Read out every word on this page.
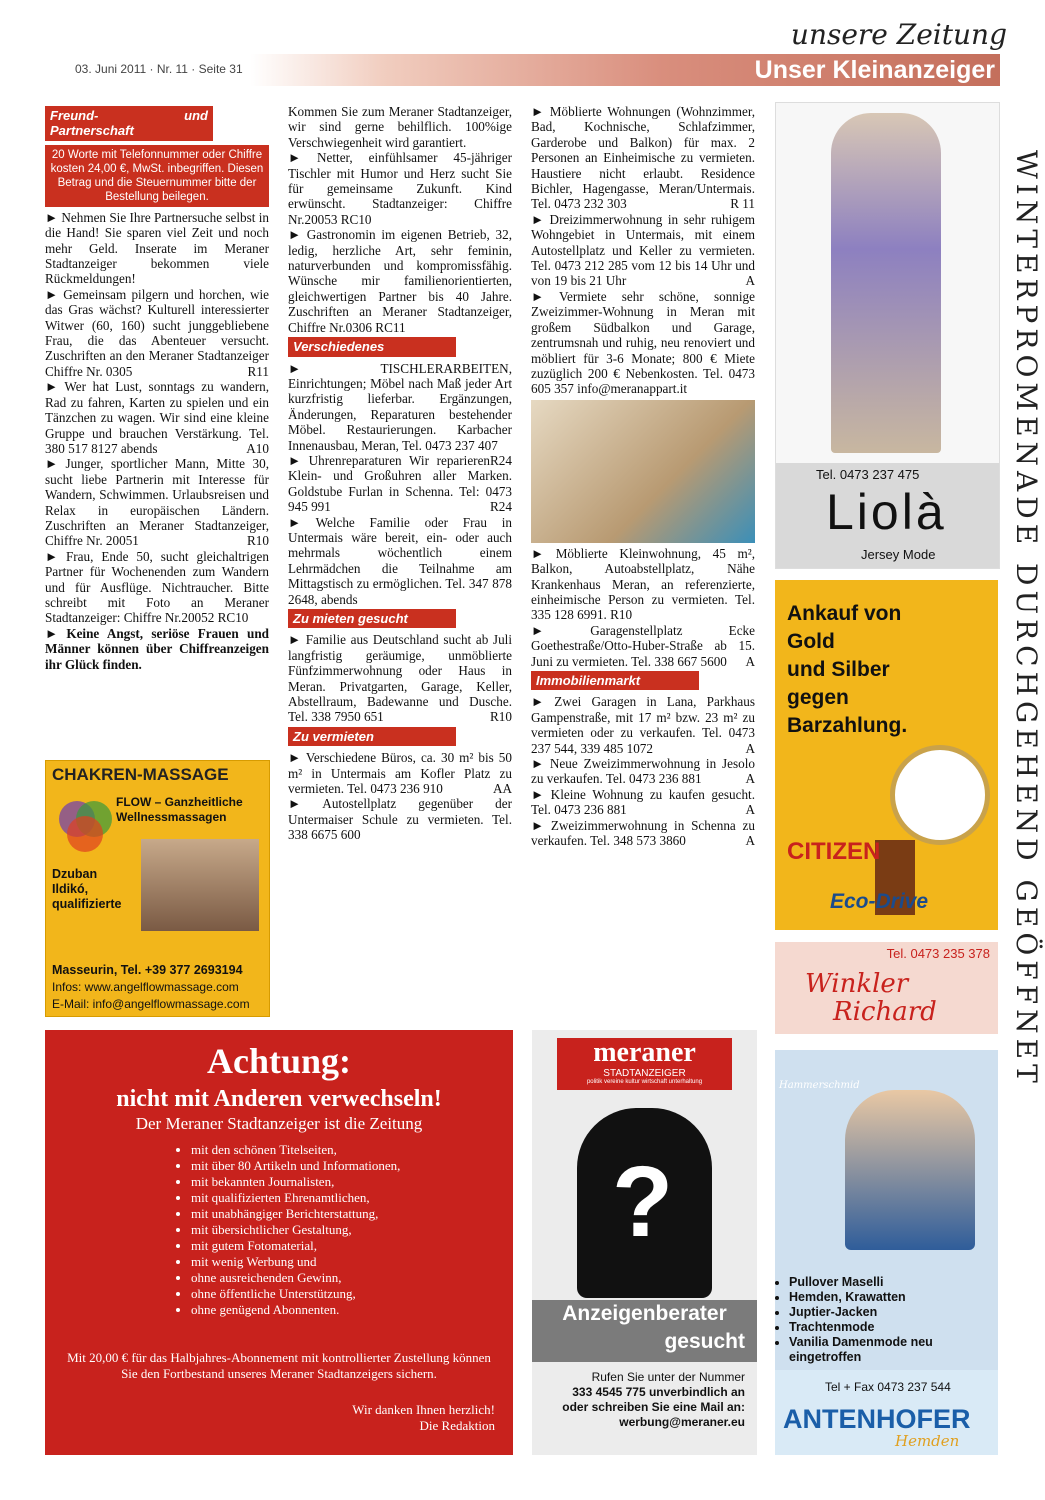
03. Juni 2011 · Nr. 11 · Seite 31	Unser Kleinanzeiger
unsere Zeitung
Freund- und Partnerschaft
20 Worte mit Telefonnummer oder Chiffre kosten 24,00 €, MwSt. inbegriffen. Diesen Betrag und die Steuernummer bitte der Bestellung beilegen.

► Nehmen Sie Ihre Partnersuche selbst in die Hand! Sie sparen viel Zeit und noch mehr Geld. Inserate im Meraner Stadtanzeiger bekommen viele Rückmeldungen!

► Gemeinsam pilgern und horchen, wie das Gras wächst? Kulturell interessierter Witwer (60, 160) sucht junggebliebene Frau, die das Abenteuer versucht. Zuschriften an den Meraner Stadtanzeiger Chiffre Nr. 0305	R11

► Wer hat Lust, sonntags zu wandern, Rad zu fahren, Karten zu spielen und ein Tänzchen zu wagen. Wir sind eine kleine Gruppe und brauchen Verstärkung. Tel. 380 517 8127 abends	A10

► Junger, sportlicher Mann, Mitte 30, sucht liebe Partnerin mit Interesse für Wandern, Schwimmen. Urlaubsreisen und Relax in europäischen Ländern. Zuschriften an Meraner Stadtanzeiger, Chiffre Nr. 20051	R10

► Frau, Ende 50, sucht gleichaltrigen Partner für Wochenenden zum Wandern und für Ausflüge. Nichtraucher. Bitte schreibt mit Foto an Meraner Stadtanzeiger: Chiffre Nr.20052 RC10

► Keine Angst, seriöse Frauen und Männer können über Chiffreanzeigen ihr Glück finden.

CHAKREN-MASSAGE
FLOW – Ganzheitliche Wellnessmassagen
Dzuban Ildikó, qualifizierte
Masseurin, Tel. +39 377 2693194
Infos: www.angelflowmassage.com
E-Mail: info@angelflowmassage.com

Kommen Sie zum Meraner Stadtanzeiger, wir sind gerne behilflich. 100%ige Verschwiegenheit wird garantiert.

► Netter, einfühlsamer 45-jähriger Tischler mit Humor und Herz sucht Sie für gemeinsame Zukunft. Kind erwünscht. Stadtanzeiger: Chiffre Nr.20053 RC10

► Gastronomin im eigenen Betrieb, 32, ledig, herzliche Art, sehr feminin, naturverbunden und kompromissfähig. Wünsche mir familienorientierten, gleichwertigen Partner bis 40 Jahre. Zuschriften an Meraner Stadtanzeiger, Chiffre Nr.0306 RC11

Verschiedenes

► TISCHLERARBEITEN, Einrichtungen; Möbel nach Maß jeder Art kurzfristig lieferbar. Ergänzungen, Änderungen, Reparaturen bestehender Möbel. Restaurierungen. Karbacher Innenausbau, Meran, Tel. 0473 237 407
R24

► Uhrenreparaturen Wir reparieren Klein- und Großuhren aller Marken. Goldstube Furlan in Schenna. Tel: 0473 945 991	R24

► Welche Familie oder Frau in Untermais wäre bereit, ein- oder auch mehrmals wöchentlich einem Lehrmädchen die Teilnahme am Mittagstisch zu ermöglichen. Tel. 347 878 2648, abends

Zu mieten gesucht

► Familie aus Deutschland sucht ab Juli langfristig geräumige, unmöblierte Fünfzimmerwohnung oder Haus in Meran. Privatgarten, Garage, Keller, Abstellraum, Badewanne und Dusche. Tel. 338 7950 651	R10

Zu vermieten

► Verschiedene Büros, ca. 30 m² bis 50 m² in Untermais am Kofler Platz zu vermieten. Tel. 0473 236 910	AA

► Autostellplatz gegenüber der Untermaiser Schule zu vermieten. Tel. 338 6675 600

► Möblierte Wohnungen (Wohnzimmer, Bad, Kochnische, Schlafzimmer, Garderobe und Balkon) für max. 2 Personen an Einheimische zu vermieten. Haustiere nicht erlaubt. Residence Bichler, Hagengasse, Meran/Untermais. Tel. 0473 232 303	R 11

► Dreizimmerwohnung in sehr ruhigem Wohngebiet in Untermais, mit einem Autostellplatz und Keller zu vermieten. Tel. 0473 212 285 vom 12 bis 14 Uhr und von 19 bis 21 Uhr	A

► Vermiete sehr schöne, sonnige Zweizimmer-Wohnung in Meran mit großem Südbalkon und Garage, zentrumsnah und ruhig, neu renoviert und möbliert für 3-6 Monate; 800 € Miete zuzüglich 200 € Nebenkosten. Tel. 0473 605 357 info@meranappart.it

► Möblierte Kleinwohnung, 45 m², Balkon, Autoabstellplatz, Nähe Krankenhaus Meran, an referenzierte, einheimische Person zu vermieten. Tel. 335 128 6991. R10

► Garagenstellplatz Ecke Goethestraße/Otto-Huber-Straße ab 15. Juni zu vermieten. Tel. 338 667 5600 A

Immobilienmarkt

► Zwei Garagen in Lana, Parkhaus Gampenstraße, mit 17 m² bzw. 23 m² zu vermieten oder zu verkaufen. Tel. 0473 237 544, 339 485 1072	A

► Neue Zweizimmerwohnung in Jesolo zu verkaufen. Tel. 0473 236 881	A

► Kleine Wohnung zu kaufen gesucht. Tel. 0473 236 881	A

► Zweizimmerwohnung in Schenna zu verkaufen. Tel. 348 573 3860	A

Achtung:
nicht mit Anderen verwechseln!
Der Meraner Stadtanzeiger ist die Zeitung
• mit den schönen Titelseiten,
• mit über 80 Artikeln und Informationen,
• mit bekannten Journalisten,
• mit qualifizierten Ehrenamtlichen,
• mit unabhängiger Berichterstattung,
• mit übersichtlicher Gestaltung,
• mit gutem Fotomaterial,
• mit wenig Werbung und
• ohne ausreichenden Gewinn,
• ohne öffentliche Unterstützung,
• ohne genügend Abonnenten.
Mit 20,00 € für das Halbjahres-Abonnement mit kontrollierter Zustellung können Sie den Fortbestand unseres Meraner Stadtanzeigers sichern.
Wir danken Ihnen herzlich!
Die Redaktion
meraner
STADTANZEIGER
politik vereine kultur wirtschaft unterhaltung
?
Anzeigenberater
gesucht
Rufen Sie unter der Nummer
333 4545 775 unverbindlich an
oder schreiben Sie eine Mail an:
werbung@meraner.eu
Tel. 0473 237 475
Liolà
Jersey Mode
Ankauf von
Gold
und Silber
gegen
Barzahlung.
CITIZEN
Eco-Drive
Tel. 0473 235 378
Winkler
Richard
Hammerschmid
• Pullover Maselli
• Hemden, Krawatten
• Juptier-Jacken
• Trachtenmode
• Vanilia Damenmode neu eingetroffen
Tel + Fax 0473 237 544
ANTENHOFER
Hemden
WINTERPROMENADE DURCHGEHEND GEÖFFNET
